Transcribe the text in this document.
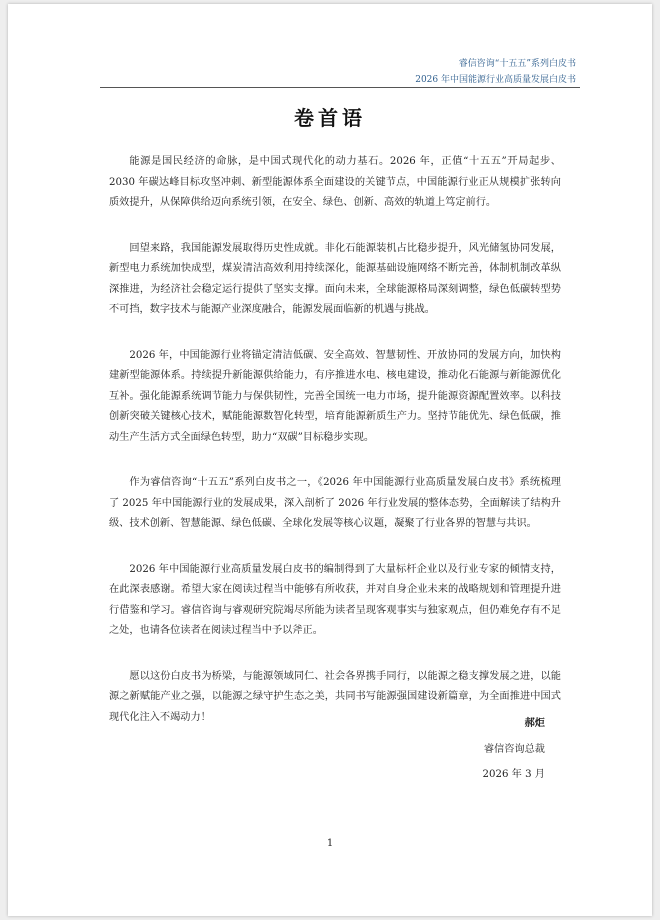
睿信咨询“十五五”系列白皮书
2026 年中国能源行业高质量发展白皮书
卷首语

能源是国民经济的命脉，是中国式现代化的动力基石。2026 年，正值“十五五”开局起步、2030 年碳达峰目标攻坚冲刺、新型能源体系全面建设的关键节点，中国能源行业正从规模扩张转向质效提升，从保障供给迈向系统引领，在安全、绿色、创新、高效的轨道上笃定前行。

回望来路，我国能源发展取得历史性成就。非化石能源装机占比稳步提升，风光储氢协同发展，新型电力系统加快成型，煤炭清洁高效利用持续深化，能源基础设施网络不断完善，体制机制改革纵深推进，为经济社会稳定运行提供了坚实支撑。面向未来，全球能源格局深刻调整，绿色低碳转型势不可挡，数字技术与能源产业深度融合，能源发展面临新的机遇与挑战。

2026 年，中国能源行业将锚定清洁低碳、安全高效、智慧韧性、开放协同的发展方向，加快构建新型能源体系。持续提升新能源供给能力，有序推进水电、核电建设，推动化石能源与新能源优化互补。强化能源系统调节能力与保供韧性，完善全国统一电力市场，提升能源资源配置效率。以科技创新突破关键核心技术，赋能能源数智化转型，培育能源新质生产力。坚持节能优先、绿色低碳，推动生产生活方式全面绿色转型，助力“双碳”目标稳步实现。

作为睿信咨询“十五五”系列白皮书之一，《2026 年中国能源行业高质量发展白皮书》系统梳理了 2025 年中国能源行业的发展成果，深入剖析了 2026 年行业发展的整体态势，全面解读了结构升级、技术创新、智慧能源、绿色低碳、全球化发展等核心议题，凝聚了行业各界的智慧与共识。

2026 年中国能源行业高质量发展白皮书的编制得到了大量标杆企业以及行业专家的倾情支持，在此深表感谢。希望大家在阅读过程当中能够有所收获，并对自身企业未来的战略规划和管理提升进行借鉴和学习。睿信咨询与睿观研究院竭尽所能为读者呈现客观事实与独家观点，但仍难免存有不足之处，也请各位读者在阅读过程当中予以斧正。

愿以这份白皮书为桥梁，与能源领域同仁、社会各界携手同行，以能源之稳支撑发展之进，以能源之新赋能产业之强，以能源之绿守护生态之美，共同书写能源强国建设新篇章，为全面推进中国式现代化注入不竭动力！	郝炬
睿信咨询总裁
2026 年 3 月
1
